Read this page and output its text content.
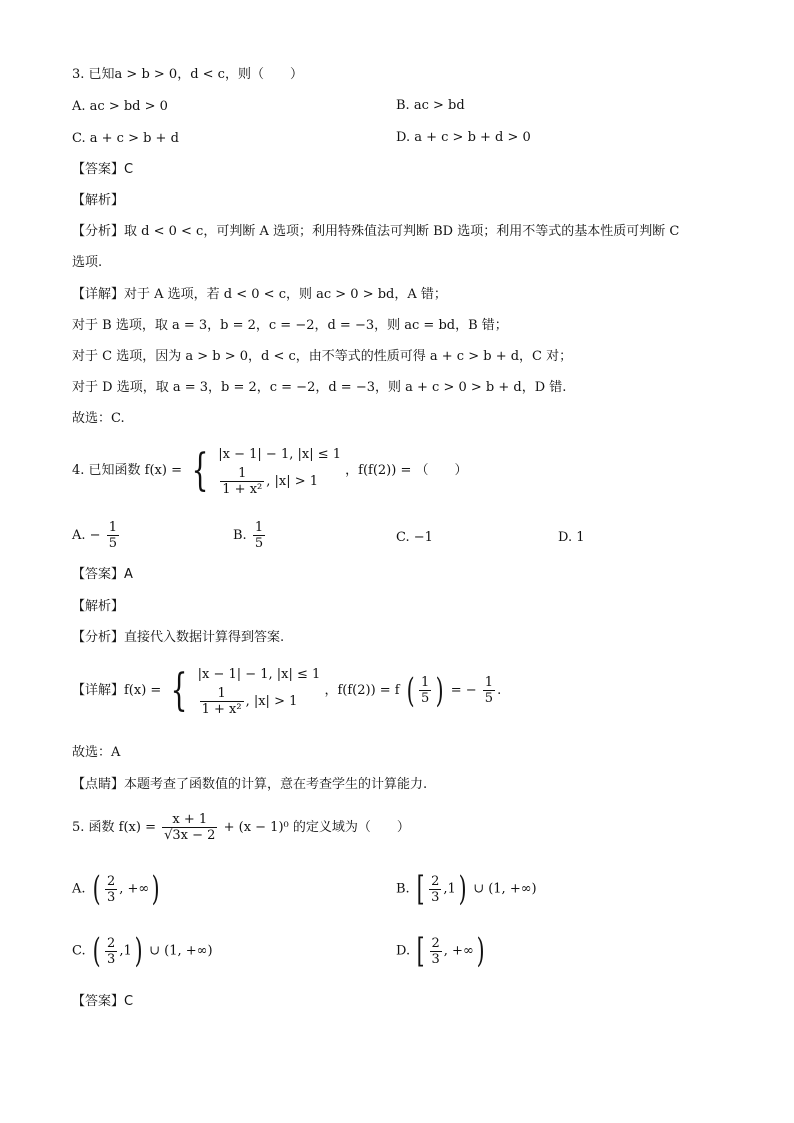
3. 已知a > b > 0，d < c，则（　　）
A. ac > bd > 0	B. ac > bd
C. a + c > b + d	D. a + c > b + d > 0
【答案】C
【解析】
【分析】取 d < 0 < c，可判断 A 选项；利用特殊值法可判断 BD 选项；利用不等式的基本性质可判断 C
选项.
【详解】对于 A 选项，若 d < 0 < c，则 ac > 0 > bd，A 错；
对于 B 选项，取 a = 3，b = 2，c = −2，d = −3，则 ac = bd，B 错；
对于 C 选项，因为 a > b > 0，d < c，由不等式的性质可得 a + c > b + d，C 对；
对于 D 选项，取 a = 3，b = 2，c = −2，d = −3，则 a + c > 0 > b + d，D 错.
故选：C.
4. 已知函数 f(x) = { |x − 1| − 1, |x| ≤ 1
$\frac{1}{\text{1 + x²}}$ , |x| > 1
，f(f(2)) = （　　）
A. − $\frac{1}{5}$	B. $\frac{1}{5}$	C. −1	D. 1
【答案】A
【解析】
【分析】直接代入数据计算得到答案.
【详解】f(x) = { |x − 1| − 1, |x| ≤ 1
$\frac{1}{\text{1 + x²}}$ , |x| > 1
，f(f(2)) = f ( $\frac{1}{5}$ ) = − $\frac{1}{5}$ .
故选：A
【点睛】本题考查了函数值的计算，意在考查学生的计算能力.
5. 函数 $f(x) = \frac{x + 1}{√3x - 2} + (x - 1)^0$ 的定义域为（　　）
A. ( $\frac{2}{3}$ , +∞)	B. [ $\frac{2}{3} ,1$) ∪ (1, +∞)
C. ( $\frac{2}{3} ,1$) ∪ (1, +∞)	D. [ $\frac{2}{3}$ , +∞)
【答案】C
